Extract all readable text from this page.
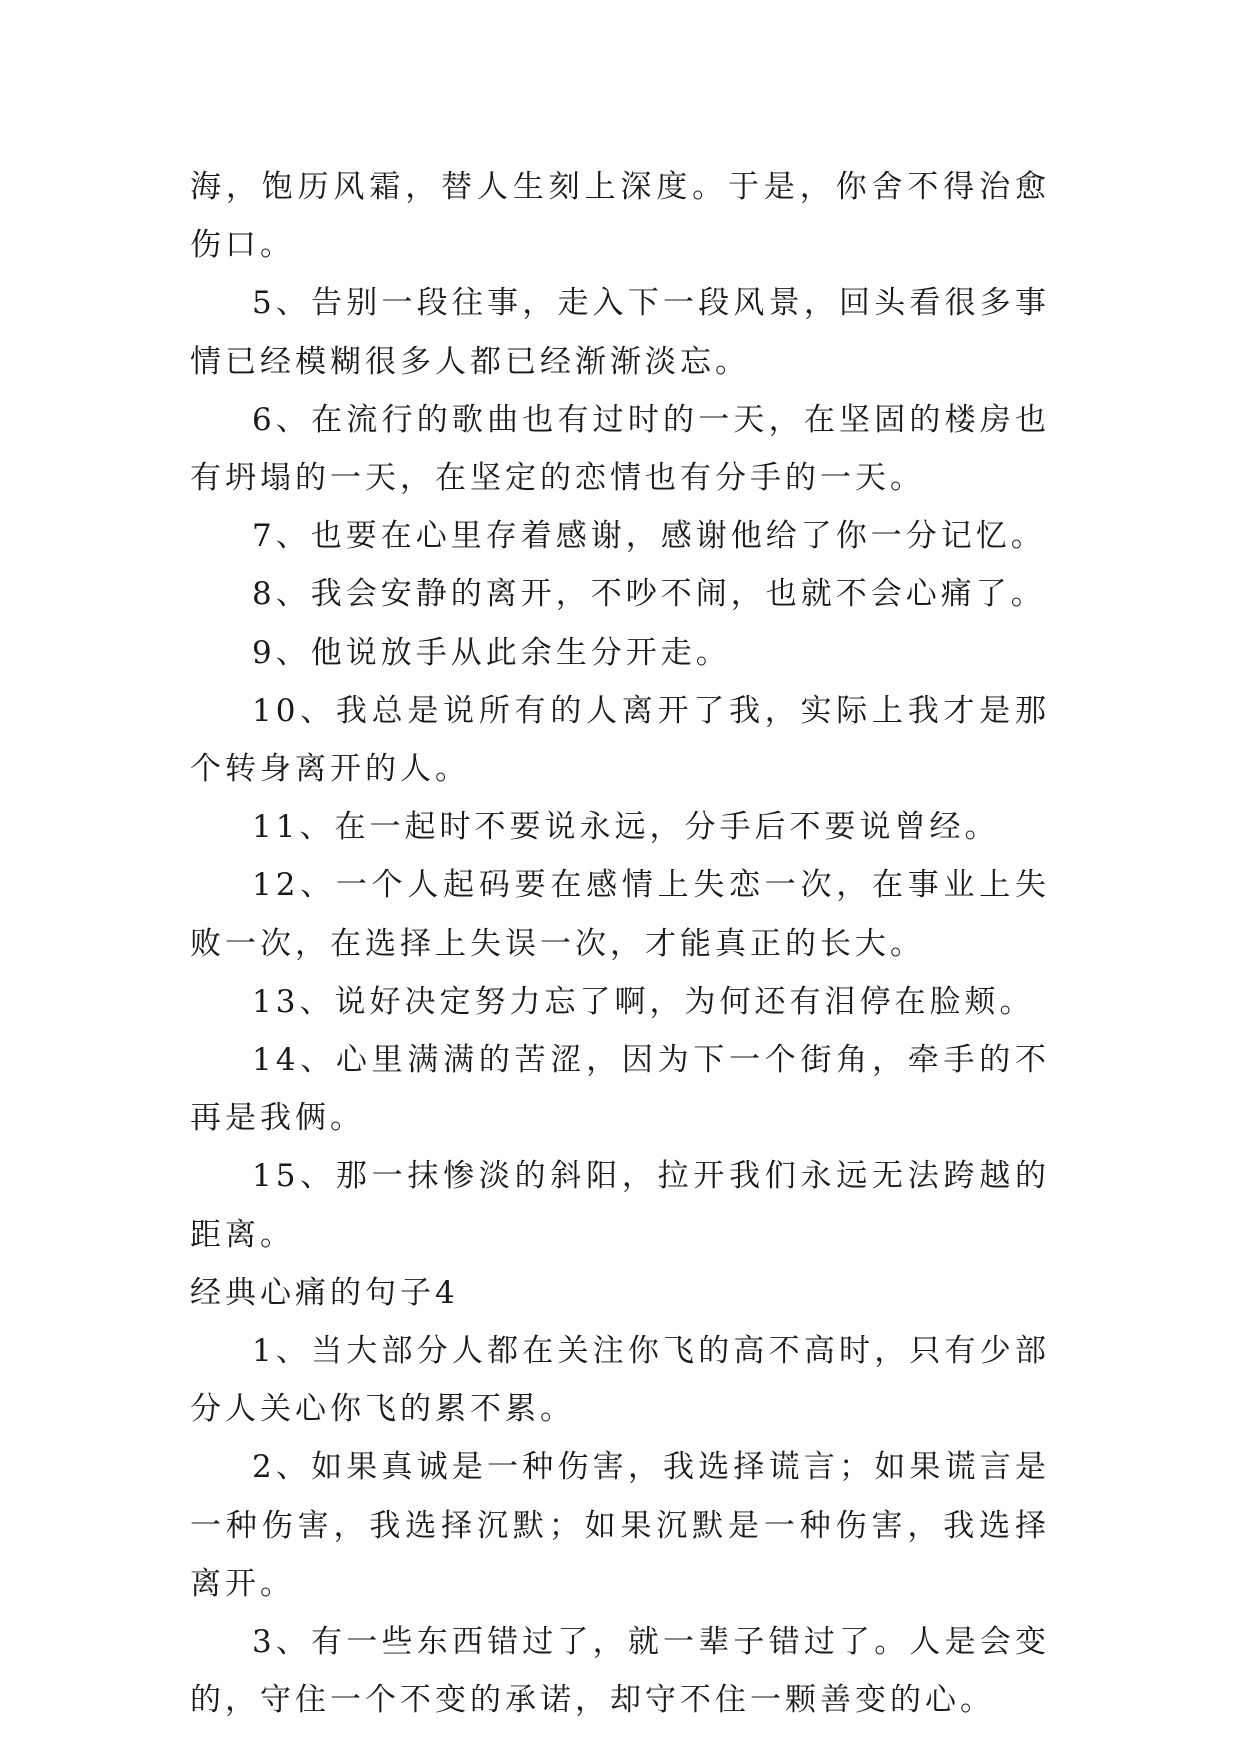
海，饱历风霜，替人生刻上深度。于是，你舍不得治愈伤口。

5、告别一段往事，走入下一段风景，回头看很多事情已经模糊很多人都已经渐渐淡忘。

6、在流行的歌曲也有过时的一天，在坚固的楼房也有坍塌的一天，在坚定的恋情也有分手的一天。

7、也要在心里存着感谢，感谢他给了你一分记忆。

8、我会安静的离开，不吵不闹，也就不会心痛了。

9、他说放手从此余生分开走。

10、我总是说所有的人离开了我，实际上我才是那个转身离开的人。

11、在一起时不要说永远，分手后不要说曾经。

12、一个人起码要在感情上失恋一次，在事业上失败一次，在选择上失误一次，才能真正的长大。

13、说好决定努力忘了啊，为何还有泪停在脸颊。

14、心里满满的苦涩，因为下一个街角，牵手的不再是我俩。

15、那一抹惨淡的斜阳，拉开我们永远无法跨越的距离。

经典心痛的句子4

1、当大部分人都在关注你飞的高不高时，只有少部分人关心你飞的累不累。

2、如果真诚是一种伤害，我选择谎言；如果谎言是一种伤害，我选择沉默；如果沉默是一种伤害，我选择离开。

3、有一些东西错过了，就一辈子错过了。人是会变的，守住一个不变的承诺，却守不住一颗善变的心。
